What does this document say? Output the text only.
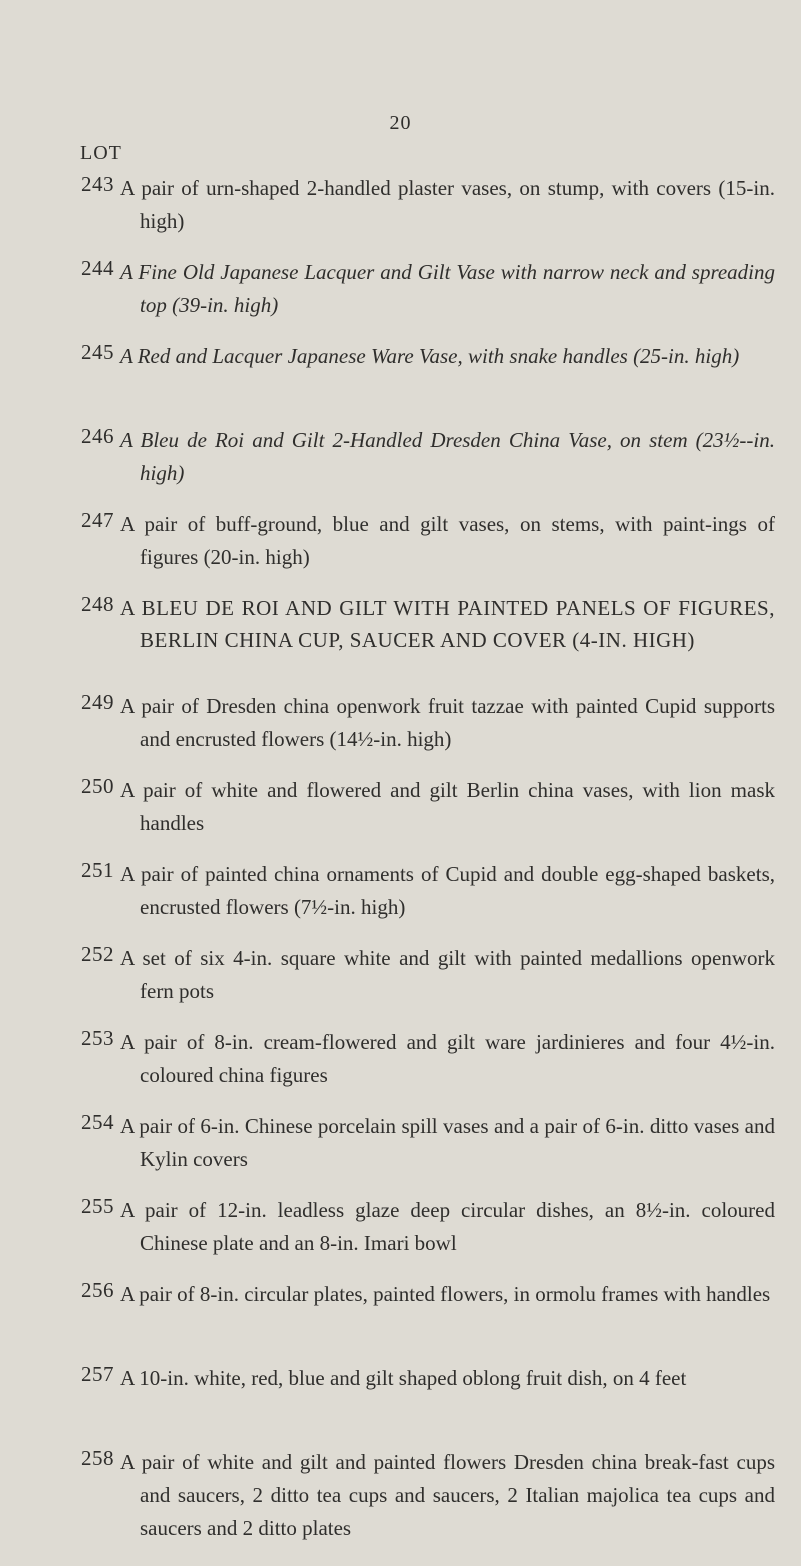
20
LOT
243 A pair of urn-shaped 2-handled plaster vases, on stump, with covers (15-in. high)
244 A Fine Old Japanese Lacquer and Gilt Vase with narrow neck and spreading top (39-in. high)
245 A Red and Lacquer Japanese Ware Vase, with snake handles (25-in. high)
246 A Bleu de Roi and Gilt 2-Handled Dresden China Vase, on stem (23½--in. high)
247 A pair of buff-ground, blue and gilt vases, on stems, with paint-ings of figures (20-in. high)
248 A BLEU DE ROI AND GILT WITH PAINTED PANELS OF FIGURES, BERLIN CHINA CUP, SAUCER AND COVER (4-IN. HIGH)
249 A pair of Dresden china openwork fruit tazzae with painted Cupid supports and encrusted flowers (14½-in. high)
250 A pair of white and flowered and gilt Berlin china vases, with lion mask handles
251 A pair of painted china ornaments of Cupid and double egg-shaped baskets, encrusted flowers (7½-in. high)
252 A set of six 4-in. square white and gilt with painted medallions openwork fern pots
253 A pair of 8-in. cream-flowered and gilt ware jardinieres and four 4½-in. coloured china figures
254 A pair of 6-in. Chinese porcelain spill vases and a pair of 6-in. ditto vases and Kylin covers
255 A pair of 12-in. leadless glaze deep circular dishes, an 8½-in. coloured Chinese plate and an 8-in. Imari bowl
256 A pair of 8-in. circular plates, painted flowers, in ormolu frames with handles
257 A 10-in. white, red, blue and gilt shaped oblong fruit dish, on 4 feet
258 A pair of white and gilt and painted flowers Dresden china break-fast cups and saucers, 2 ditto tea cups and saucers, 2 Italian majolica tea cups and saucers and 2 ditto plates
